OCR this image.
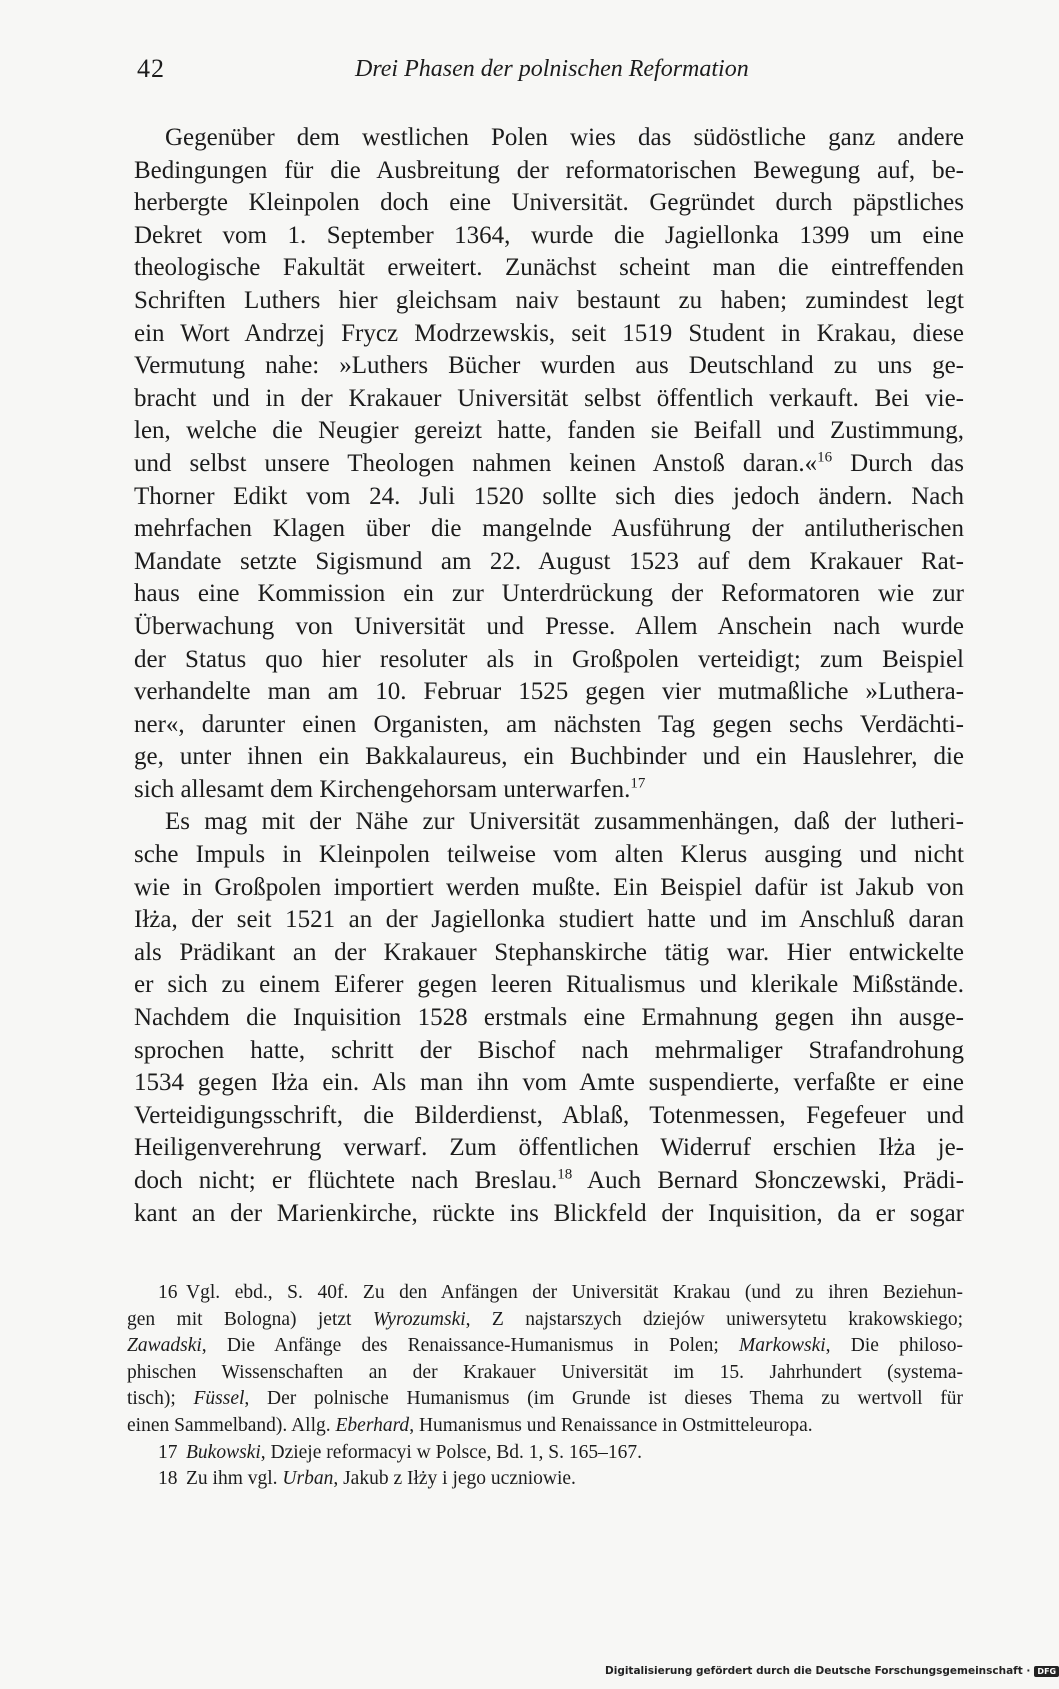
42	Drei Phasen der polnischen Reformation
Gegenüber dem westlichen Polen wies das südöstliche ganz andere
Bedingungen für die Ausbreitung der reformatorischen Bewegung auf, be-
herbergte Kleinpolen doch eine Universität. Gegründet durch päpstliches
Dekret vom 1. September 1364, wurde die Jagiellonka 1399 um eine
theologische Fakultät erweitert. Zunächst scheint man die eintreffenden
Schriften Luthers hier gleichsam naiv bestaunt zu haben; zumindest legt
ein Wort Andrzej Frycz Modrzewskis, seit 1519 Student in Krakau, diese
Vermutung nahe: »Luthers Bücher wurden aus Deutschland zu uns ge-
bracht und in der Krakauer Universität selbst öffentlich verkauft. Bei vie-
len, welche die Neugier gereizt hatte, fanden sie Beifall und Zustimmung,
und selbst unsere Theologen nahmen keinen Anstoß daran.«$^{16}$ Durch das
Thorner Edikt vom 24. Juli 1520 sollte sich dies jedoch ändern. Nach
mehrfachen Klagen über die mangelnde Ausführung der antilutherischen
Mandate setzte Sigismund am 22. August 1523 auf dem Krakauer Rat-
haus eine Kommission ein zur Unterdrückung der Reformatoren wie zur
Überwachung von Universität und Presse. Allem Anschein nach wurde
der Status quo hier resoluter als in Großpolen verteidigt; zum Beispiel
verhandelte man am 10. Februar 1525 gegen vier mutmaßliche »Luthera-
ner«, darunter einen Organisten, am nächsten Tag gegen sechs Verdächti-
ge, unter ihnen ein Bakkalaureus, ein Buchbinder und ein Hauslehrer, die
sich allesamt dem Kirchengehorsam unterwarfen.$^{17}$
Es mag mit der Nähe zur Universität zusammenhängen, daß der lutheri-
sche Impuls in Kleinpolen teilweise vom alten Klerus ausging und nicht
wie in Großpolen importiert werden mußte. Ein Beispiel dafür ist Jakub von
Iłża, der seit 1521 an der Jagiellonka studiert hatte und im Anschluß daran
als Prädikant an der Krakauer Stephanskirche tätig war. Hier entwickelte
er sich zu einem Eiferer gegen leeren Ritualismus und klerikale Mißstände.
Nachdem die Inquisition 1528 erstmals eine Ermahnung gegen ihn ausge-
sprochen hatte, schritt der Bischof nach mehrmaliger Strafandrohung
1534 gegen Iłża ein. Als man ihn vom Amte suspendierte, verfaßte er eine
Verteidigungsschrift, die Bilderdienst, Ablaß, Totenmessen, Fegefeuer und
Heiligenverehrung verwarf. Zum öffentlichen Widerruf erschien Iłża je-
doch nicht; er flüchtete nach Breslau.$^{18}$ Auch Bernard Słonczewski, Prädi-
kant an der Marienkirche, rückte ins Blickfeld der Inquisition, da er sogar
16 Vgl. ebd., S. 40f. Zu den Anfängen der Universität Krakau (und zu ihren Beziehun-
gen mit Bologna) jetzt Wyrozumski, Z najstarszych dziejów uniwersytetu krakowskiego;
Zawadski, Die Anfänge des Renaissance-Humanismus in Polen; Markowski, Die philoso-
phischen Wissenschaften an der Krakauer Universität im 15. Jahrhundert (systema-
tisch); Füssel, Der polnische Humanismus (im Grunde ist dieses Thema zu wertvoll für
einen Sammelband). Allg. Eberhard, Humanismus und Renaissance in Ostmitteleuropa.
17 Bukowski, Dzieje reformacyi w Polsce, Bd. 1, S. 165–167.
18 Zu ihm vgl. Urban, Jakub z Iłży i jego uczniowie.
Digitalisierung gefördert durch die Deutsche Forschungsgemeinschaft · DFG
